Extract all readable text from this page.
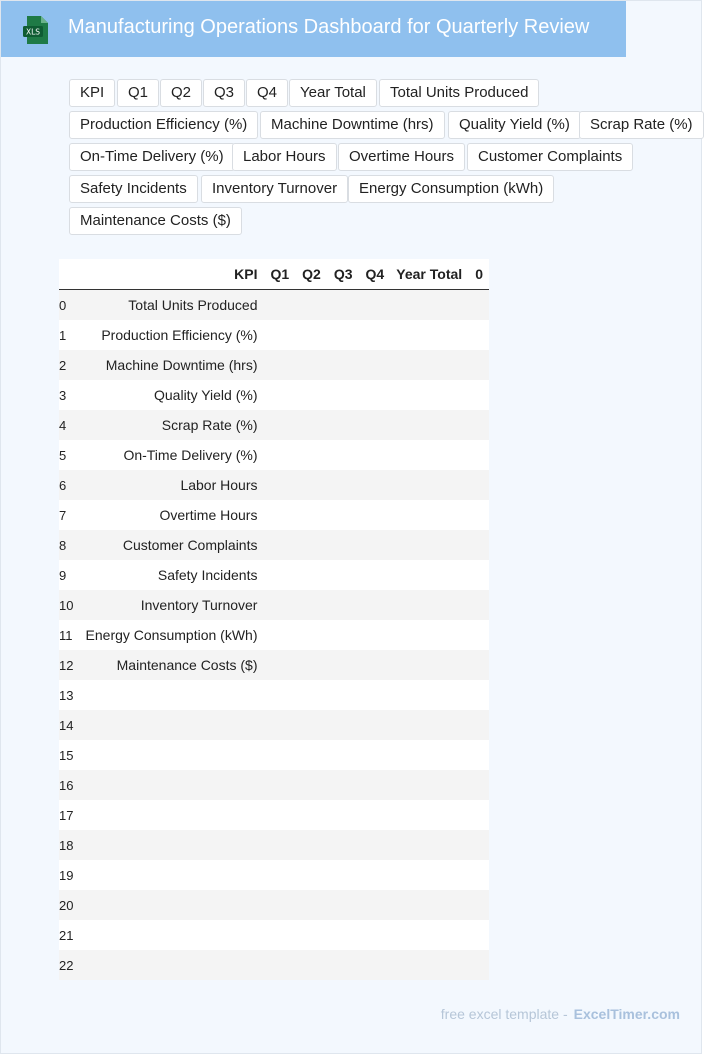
XLS Manufacturing Operations Dashboard for Quarterly Review
KPI	Q1	Q2	Q3	Q4	Year Total	Total Units Produced
Production Efficiency (%)	Machine Downtime (hrs)	Quality Yield (%)	Scrap Rate (%)
On-Time Delivery (%)	Labor Hours	Overtime Hours	Customer Complaints
Safety Incidents	Inventory Turnover	Energy Consumption (kWh)
Maintenance Costs ($)
	KPI	Q1	Q2	Q3	Q4	Year Total	0
0	Total Units Produced						
1	Production Efficiency (%)						
2	Machine Downtime (hrs)						
3	Quality Yield (%)						
4	Scrap Rate (%)						
5	On-Time Delivery (%)						
6	Labor Hours						
7	Overtime Hours						
8	Customer Complaints						
9	Safety Incidents						
10	Inventory Turnover						
11	Energy Consumption (kWh)						
12	Maintenance Costs ($)						
13							
14							
15							
16							
17							
18							
19							
20							
21							
22							
free excel template - ExcelTimer.com
